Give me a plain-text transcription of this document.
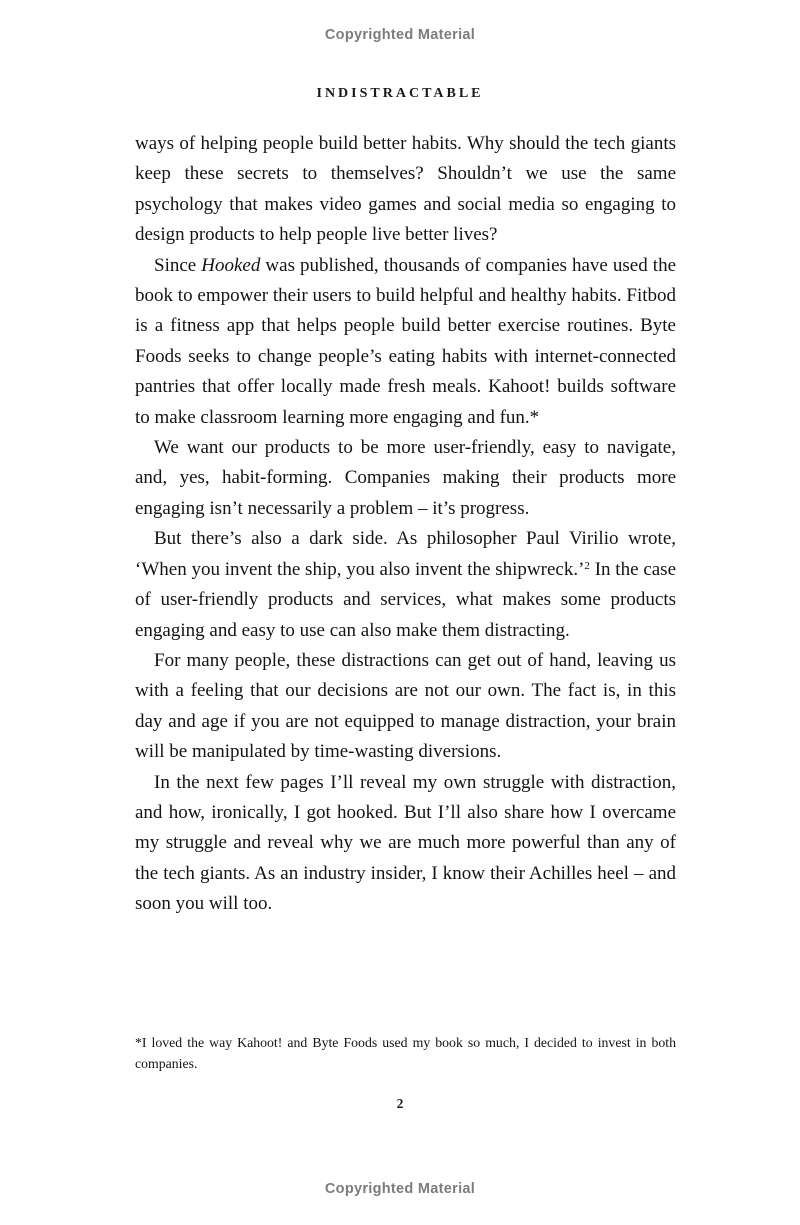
Copyrighted Material
INDISTRACTABLE

ways of helping people build better habits. Why should the tech giants keep these secrets to themselves? Shouldn’t we use the same psychology that makes video games and social media so engaging to design products to help people live better lives?

Since Hooked was published, thousands of companies have used the book to empower their users to build helpful and healthy habits. Fitbod is a fitness app that helps people build better exercise routines. Byte Foods seeks to change people’s eating habits with internet-connected pantries that offer locally made fresh meals. Kahoot! builds software to make classroom learning more engaging and fun.*

We want our products to be more user-friendly, easy to navigate, and, yes, habit-forming. Companies making their products more engaging isn’t necessarily a problem – it’s progress.

But there’s also a dark side. As philosopher Paul Virilio wrote, ‘When you invent the ship, you also invent the shipwreck.’$^2$ In the case of user-friendly products and services, what makes some products engaging and easy to use can also make them distracting.

For many people, these distractions can get out of hand, leaving us with a feeling that our decisions are not our own. The fact is, in this day and age if you are not equipped to manage distraction, your brain will be manipulated by time-wasting diversions.

In the next few pages I’ll reveal my own struggle with distraction, and how, ironically, I got hooked. But I’ll also share how I overcame my struggle and reveal why we are much more powerful than any of the tech giants. As an industry insider, I know their Achilles heel – and soon you will too.

*I loved the way Kahoot! and Byte Foods used my book so much, I decided to invest in both companies.
2
Copyrighted Material
